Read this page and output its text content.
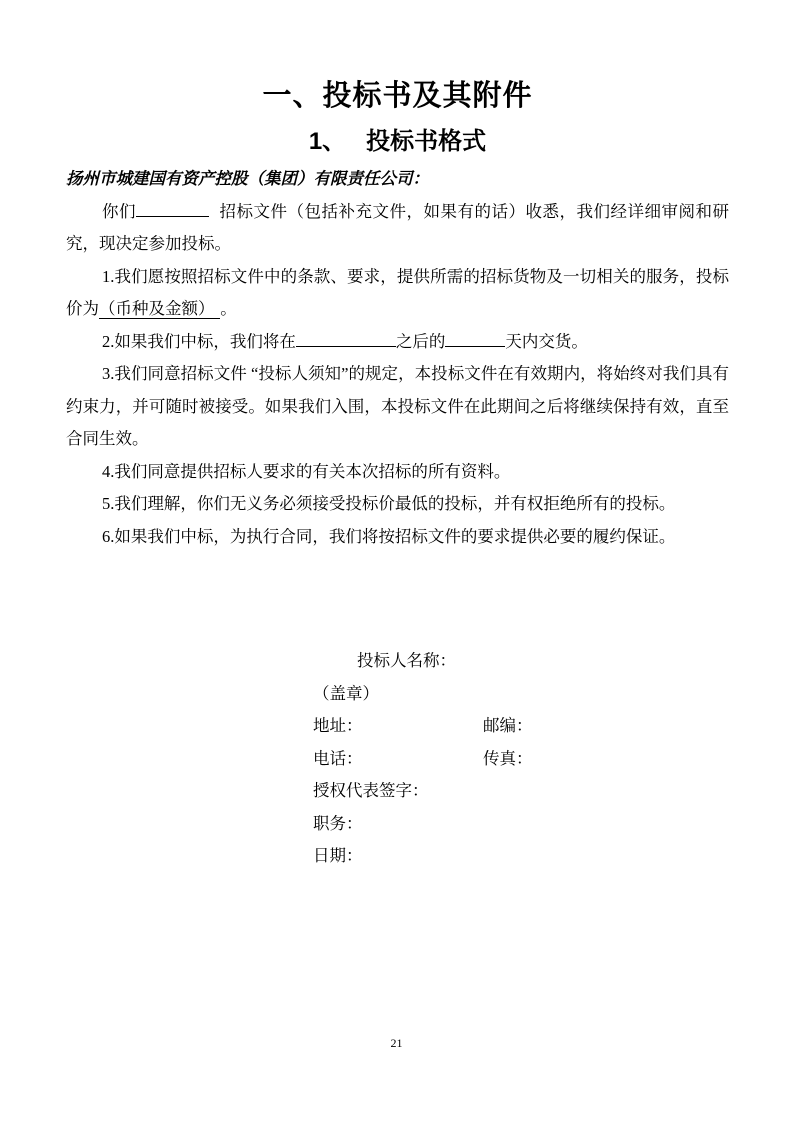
一、投标书及其附件
1、 投标书格式

扬州市城建国有资产控股（集团）有限责任公司：

你们	招标文件（包括补充文件，如果有的话）收悉，我们经详细审阅和研究，现决定参加投标。

1.我们愿按照招标文件中的条款、要求，提供所需的招标货物及一切相关的服务，投标价为（币种及金额） 。

2.如果我们中标，我们将在	之后的	天内交货。

3.我们同意招标文件 “投标人须知”的规定，本投标文件在有效期内，将始终对我们具有约束力，并可随时被接受。如果我们入围，本投标文件在此期间之后将继续保持有效，直至合同生效。

4.我们同意提供招标人要求的有关本次招标的所有资料。

5.我们理解，你们无义务必须接受投标价最低的投标，并有权拒绝所有的投标。

6.如果我们中标，为执行合同，我们将按招标文件的要求提供必要的履约保证。

投标人名称：
（盖章）
地址：	邮编：
电话：	传真：
授权代表签字：
职务：
日期：
21
